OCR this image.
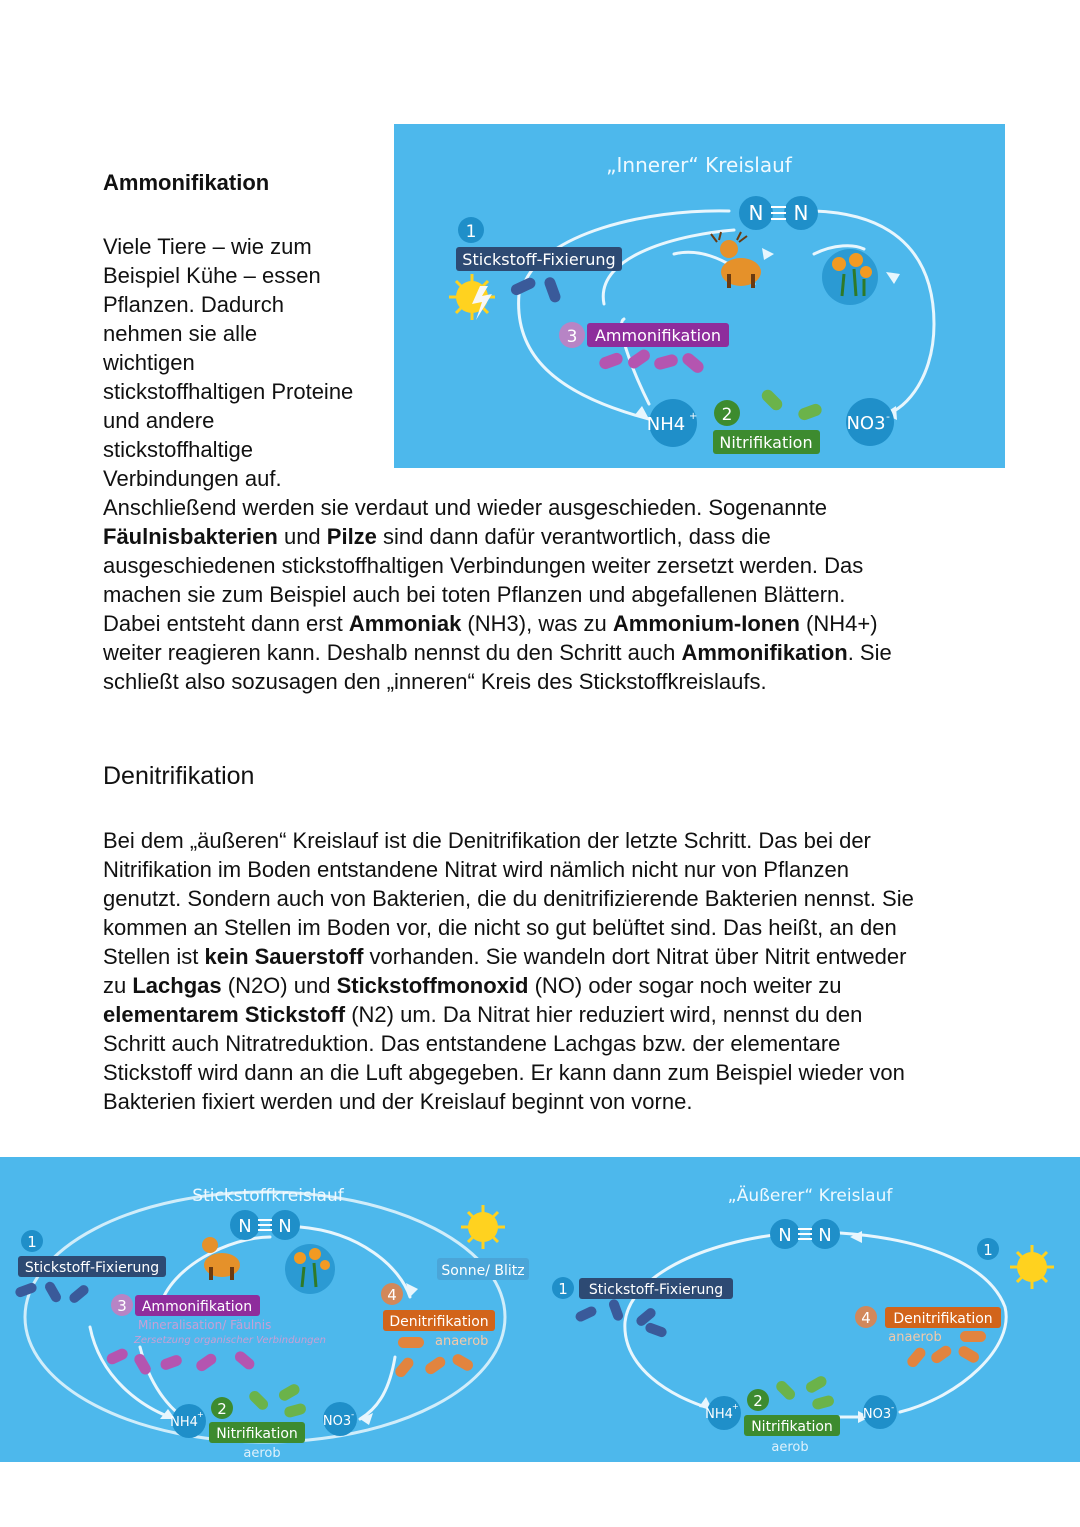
Ammonifikation
Viele Tiere – wie zum
Beispiel Kühe – essen
Pflanzen. Dadurch
nehmen sie alle
wichtigen
stickstoffhaltigen Proteine
und andere
stickstoffhaltige
Verbindungen auf.
Anschließend werden sie verdaut und wieder ausgeschieden. Sogenannte
Fäulnisbakterien und Pilze sind dann dafür verantwortlich, dass die
ausgeschiedenen stickstoffhaltigen Verbindungen weiter zersetzt werden. Das
machen sie zum Beispiel auch bei toten Pflanzen und abgefallenen Blättern.
Dabei entsteht dann erst Ammoniak (NH3), was zu Ammonium-Ionen (NH4+)
weiter reagieren kann. Deshalb nennst du den Schritt auch Ammonifikation. Sie
schließt also sozusagen den „inneren“ Kreis des Stickstoffkreislaufs.
Denitrifikation
Bei dem „äußeren“ Kreislauf ist die Denitrifikation der letzte Schritt. Das bei der
Nitrifikation im Boden entstandene Nitrat wird nämlich nicht nur von Pflanzen
genutzt. Sondern auch von Bakterien, die du denitrifizierende Bakterien nennst. Sie
kommen an Stellen im Boden vor, die nicht so gut belüftet sind. Das heißt, an den
Stellen ist kein Sauerstoff vorhanden. Sie wandeln dort Nitrat über Nitrit entweder
zu Lachgas (N2O) und Stickstoffmonoxid (NO) oder sogar noch weiter zu
elementarem Stickstoff (N2) um. Da Nitrat hier reduziert wird, nennst du den
Schritt auch Nitratreduktion. Das entstandene Lachgas bzw. der elementare
Stickstoff wird dann an die Luft abgegeben. Er kann dann zum Beispiel wieder von
Bakterien fixiert werden und der Kreislauf beginnt von vorne.
„Innerer“ Kreislauf
N N
1
Stickstoff-Fixierung
3 Ammonifikation
NH4 + 2
Nitrifikation
NO3 -
Stickstoffkreislauf
N N
1
Stickstoff-Fixierung
3 Ammonifikation
Mineralisation/ Fäulnis
Zersetzung organischer Verbindungen
Sonne/ Blitz
4
Denitrifikation
anaerob
NH4
+ 2
Nitrifikation
aerob
NO3 -
„Äußerer“ Kreislauf
N N
1 Stickstoff-Fixierung
1
4 Denitrifikation
anaerob
NH4
+ 2
Nitrifikation
aerob
NO3 -
